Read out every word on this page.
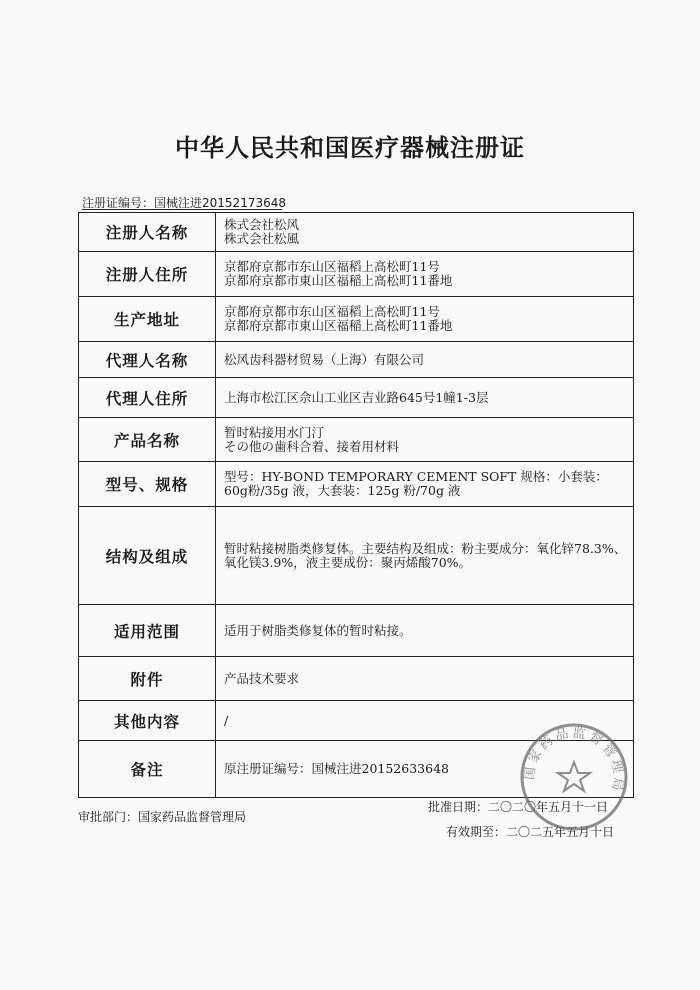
中华人民共和国医疗器械注册证
注册证编号：国械注进20152173648
注册人名称	株式会社松风
株式会社松風

注册人住所	京都府京都市东山区福稻上高松町11号
京都府京都市東山区福稲上高松町11番地

生产地址	京都府京都市东山区福稻上高松町11号
京都府京都市東山区福稲上高松町11番地

代理人名称	松风齿科器材贸易（上海）有限公司

代理人住所	上海市松江区佘山工业区吉业路645号1幢1-3层

产品名称	暂时粘接用水门汀
その他の歯科合着、接着用材料

型号、规格	型号：HY-BOND TEMPORARY CEMENT SOFT 规格：小套装：60g粉/35g 液，大套装：125g 粉/70g 液

结构及组成	暂时粘接树脂类修复体。主要结构及组成：粉主要成分：氧化锌78.3%、氧化镁3.9%，液主要成份：聚丙烯酸70%。

适用范围	适用于树脂类修复体的暂时粘接。

附件	产品技术要求

其他内容	/

备注	原注册证编号：国械注进20152633648
审批部门：国家药品监督管理局
批准日期：二〇二〇年五月十一日
有效期至：二〇二五年五月十日
国家药品监督管理局
